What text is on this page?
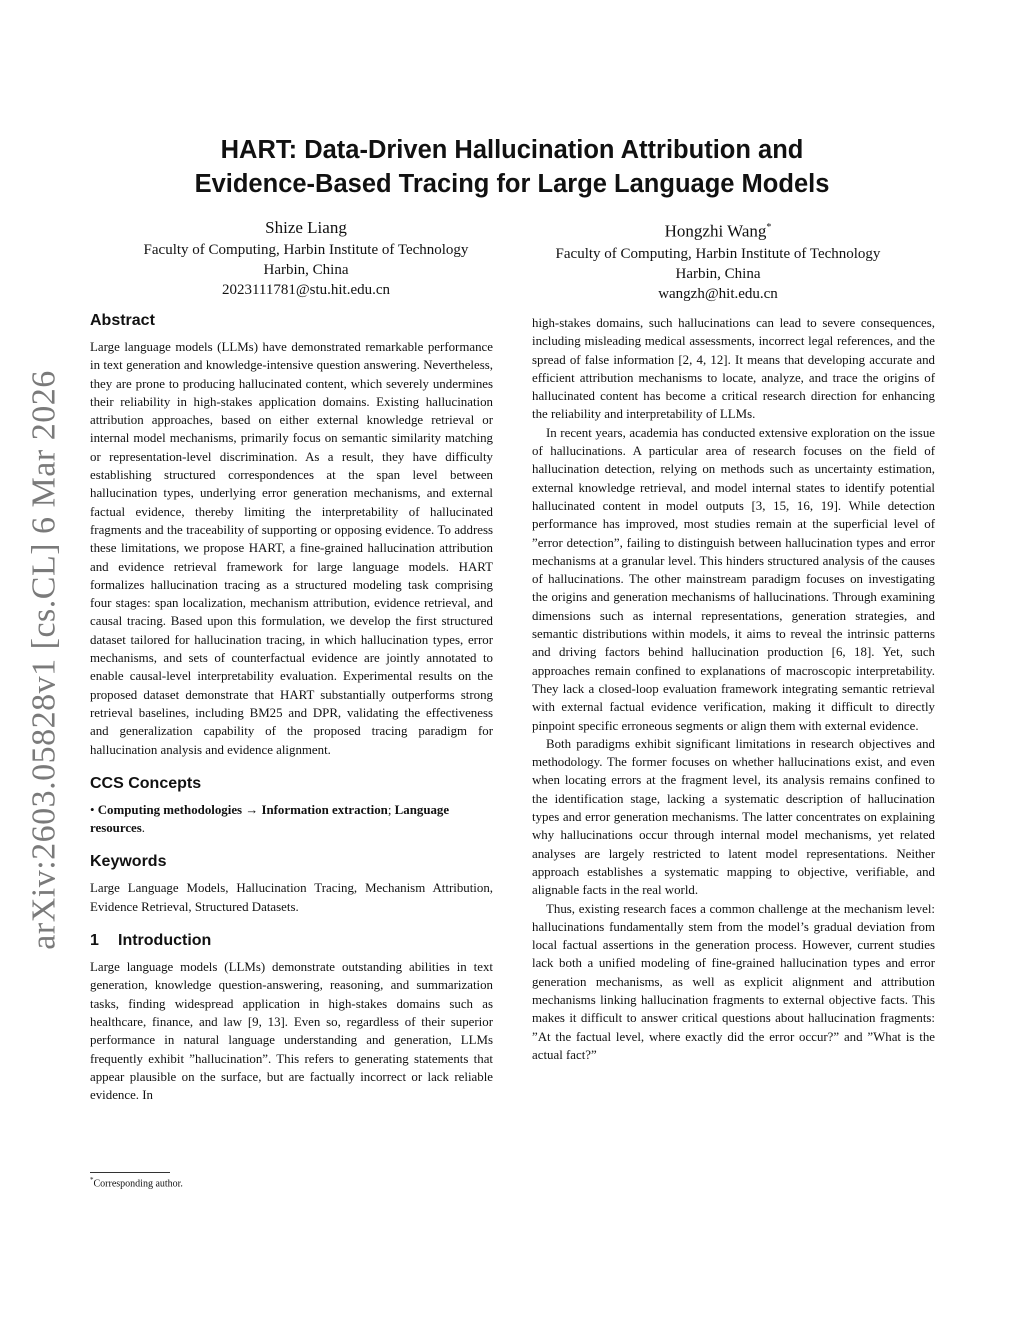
arXiv:2603.05828v1 [cs.CL] 6 Mar 2026
HART: Data-Driven Hallucination Attribution and
Evidence-Based Tracing for Large Language Models
Shize Liang
Faculty of Computing, Harbin Institute of Technology
Harbin, China
2023111781@stu.hit.edu.cn
Hongzhi Wang*
Faculty of Computing, Harbin Institute of Technology
Harbin, China
wangzh@hit.edu.cn
Abstract

Large language models (LLMs) have demonstrated remarkable performance in text generation and knowledge-intensive question answering. Nevertheless, they are prone to producing hallucinated content, which severely undermines their reliability in high-stakes application domains. Existing hallucination attribution approaches, based on either external knowledge retrieval or internal model mechanisms, primarily focus on semantic similarity matching or representation-level discrimination. As a result, they have difficulty establishing structured correspondences at the span level between hallucination types, underlying error generation mechanisms, and external factual evidence, thereby limiting the interpretability of hallucinated fragments and the traceability of supporting or opposing evidence. To address these limitations, we propose HART, a fine-grained hallucination attribution and evidence retrieval framework for large language models. HART formalizes hallucination tracing as a structured modeling task comprising four stages: span localization, mechanism attribution, evidence retrieval, and causal tracing. Based upon this formulation, we develop the first structured dataset tailored for hallucination tracing, in which hallucination types, error mechanisms, and sets of counterfactual evidence are jointly annotated to enable causal-level interpretability evaluation. Experimental results on the proposed dataset demonstrate that HART substantially outperforms strong retrieval baselines, including BM25 and DPR, validating the effectiveness and generalization capability of the proposed tracing paradigm for hallucination analysis and evidence alignment.

CCS Concepts
• Computing methodologies → Information extraction; Language resources.
Keywords

Large Language Models, Hallucination Tracing, Mechanism Attribution, Evidence Retrieval, Structured Datasets.

1 Introduction

Large language models (LLMs) demonstrate outstanding abilities in text generation, knowledge question-answering, reasoning, and summarization tasks, finding widespread application in high-stakes domains such as healthcare, finance, and law [9, 13]. Even so, regardless of their superior performance in natural language understanding and generation, LLMs frequently exhibit ”hallucination”. This refers to generating statements that appear plausible on the surface, but are factually incorrect or lack reliable evidence. In

high-stakes domains, such hallucinations can lead to severe consequences, including misleading medical assessments, incorrect legal references, and the spread of false information [2, 4, 12]. It means that developing accurate and efficient attribution mechanisms to locate, analyze, and trace the origins of hallucinated content has become a critical research direction for enhancing the reliability and interpretability of LLMs.

In recent years, academia has conducted extensive exploration on the issue of hallucinations. A particular area of research focuses on the field of hallucination detection, relying on methods such as uncertainty estimation, external knowledge retrieval, and model internal states to identify potential hallucinated content in model outputs [3, 15, 16, 19]. While detection performance has improved, most studies remain at the superficial level of ”error detection”, failing to distinguish between hallucination types and error mechanisms at a granular level. This hinders structured analysis of the causes of hallucinations. The other mainstream paradigm focuses on investigating the origins and generation mechanisms of hallucinations. Through examining dimensions such as internal representations, generation strategies, and semantic distributions within models, it aims to reveal the intrinsic patterns and driving factors behind hallucination production [6, 18]. Yet, such approaches remain confined to explanations of macroscopic interpretability. They lack a closed-loop evaluation framework integrating semantic retrieval with external factual evidence verification, making it difficult to directly pinpoint specific erroneous segments or align them with external evidence.

Both paradigms exhibit significant limitations in research objectives and methodology. The former focuses on whether hallucinations exist, and even when locating errors at the fragment level, its analysis remains confined to the identification stage, lacking a systematic description of hallucination types and error generation mechanisms. The latter concentrates on explaining why hallucinations occur through internal model mechanisms, yet related analyses are largely restricted to latent model representations. Neither approach establishes a systematic mapping to objective, verifiable, and alignable facts in the real world.

Thus, existing research faces a common challenge at the mechanism level: hallucinations fundamentally stem from the model’s gradual deviation from local factual assertions in the generation process. However, current studies lack both a unified modeling of fine-grained hallucination types and error generation mechanisms, as well as explicit alignment and attribution mechanisms linking hallucination fragments to external objective facts. This makes it difficult to answer critical questions about hallucination fragments: ”At the factual level, where exactly did the error occur?” and ”What is the actual fact?”

*Corresponding author.
